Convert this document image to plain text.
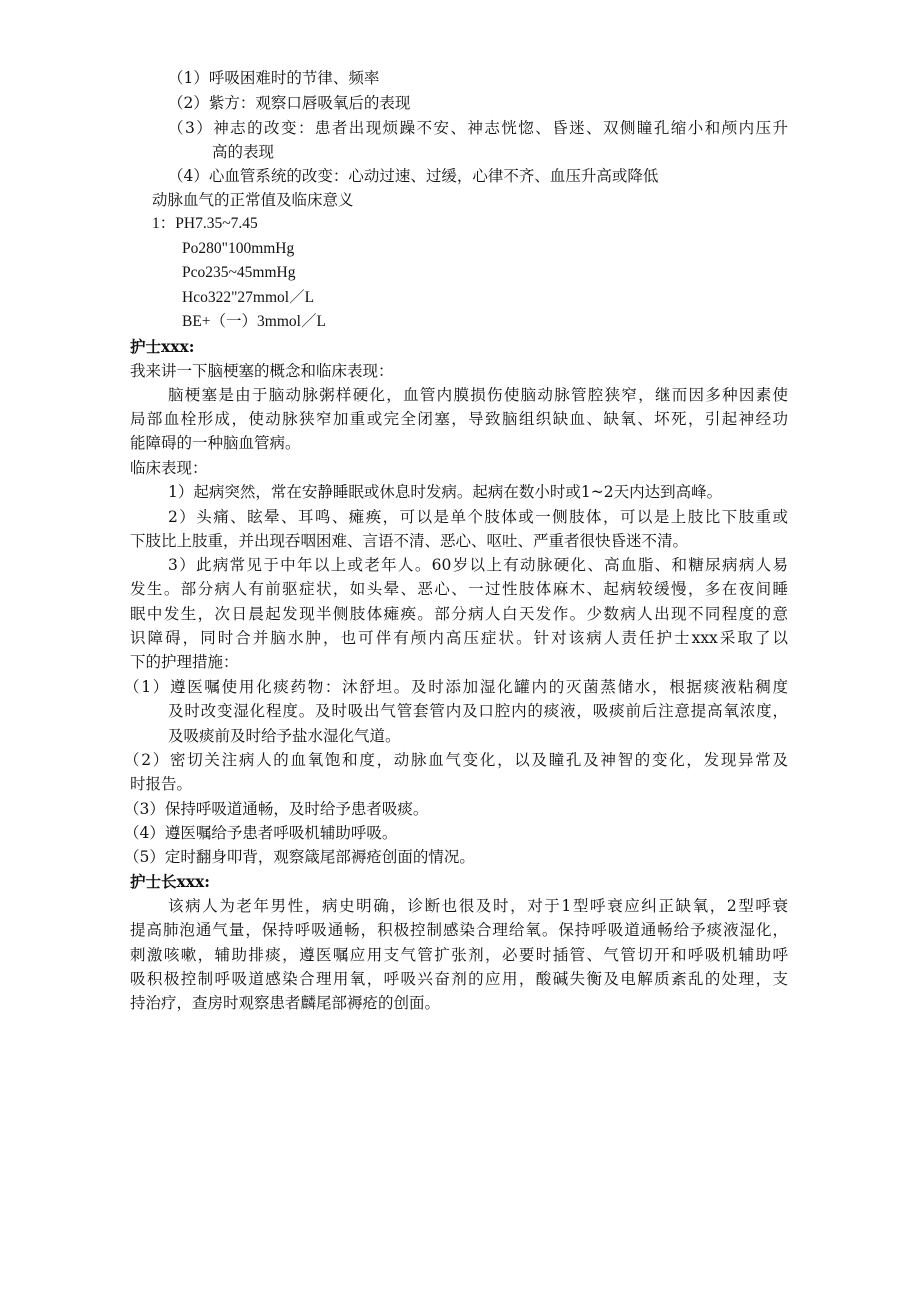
（1）呼吸困难时的节律、频率
（2）紫方：观察口唇吸氧后的表现
（3）神志的改变：患者出现烦躁不安、神志恍惚、昏迷、双侧瞳孔缩小和颅内压升
高的表现
（4）心血管系统的改变：心动过速、过缓，心律不齐、血压升高或降低
动脉血气的正常值及临床意义
1：PH7.35~7.45
Po280"100mmHg
Pco235~45mmHg
Hco322"27mmol／L
BE+（一）3mmol／L
护士xxx:
我来讲一下脑梗塞的概念和临床表现：
脑梗塞是由于脑动脉粥样硬化，血管内膜损伤使脑动脉管腔狭窄，继而因多种因素使
局部血栓形成，使动脉狭窄加重或完全闭塞，导致脑组织缺血、缺氧、坏死，引起神经功
能障碍的一种脑血管病。
临床表现：
1）起病突然，常在安静睡眠或休息时发病。起病在数小时或1~2天内达到高峰。
2）头痛、眩晕、耳鸣、瘫痪，可以是单个肢体或一侧肢体，可以是上肢比下肢重或
下肢比上肢重，并出现吞咽困难、言语不清、恶心、呕吐、严重者很快昏迷不清。
3）此病常见于中年以上或老年人。60岁以上有动脉硬化、高血脂、和糖尿病病人易
发生。部分病人有前驱症状，如头晕、恶心、一过性肢体麻木、起病较缓慢，多在夜间睡
眠中发生，次日晨起发现半侧肢体瘫痪。部分病人白天发作。少数病人出现不同程度的意
识障碍，同时合并脑水肿，也可伴有颅内高压症状。针对该病人责任护士xxx采取了以
下的护理措施：
（1）遵医嘱使用化痰药物：沐舒坦。及时添加湿化罐内的灭菌蒸储水，根据痰液粘稠度
及时改变湿化程度。及时吸出气管套管内及口腔内的痰液，吸痰前后注意提高氧浓度，
及吸痰前及时给予盐水湿化气道。
（2）密切关注病人的血氧饱和度，动脉血气变化，以及瞳孔及神智的变化，发现异常及
时报告。
（3）保持呼吸道通畅，及时给予患者吸痰。
（4）遵医嘱给予患者呼吸机辅助呼吸。
（5）定时翻身叩背，观察箴尾部褥疮创面的情况。
护士长xxx:
该病人为老年男性，病史明确，诊断也很及时，对于1型呼衰应纠正缺氧，2型呼衰
提高肺泡通气量，保持呼吸通畅，积极控制感染合理给氧。保持呼吸道通畅给予痰液湿化，
刺激咳嗽，辅助排痰，遵医嘱应用支气管扩张剂，必要时插管、气管切开和呼吸机辅助呼
吸积极控制呼吸道感染合理用氧，呼吸兴奋剂的应用，酸碱失衡及电解质紊乱的处理，支
持治疗，查房时观察患者麟尾部褥疮的创面。
